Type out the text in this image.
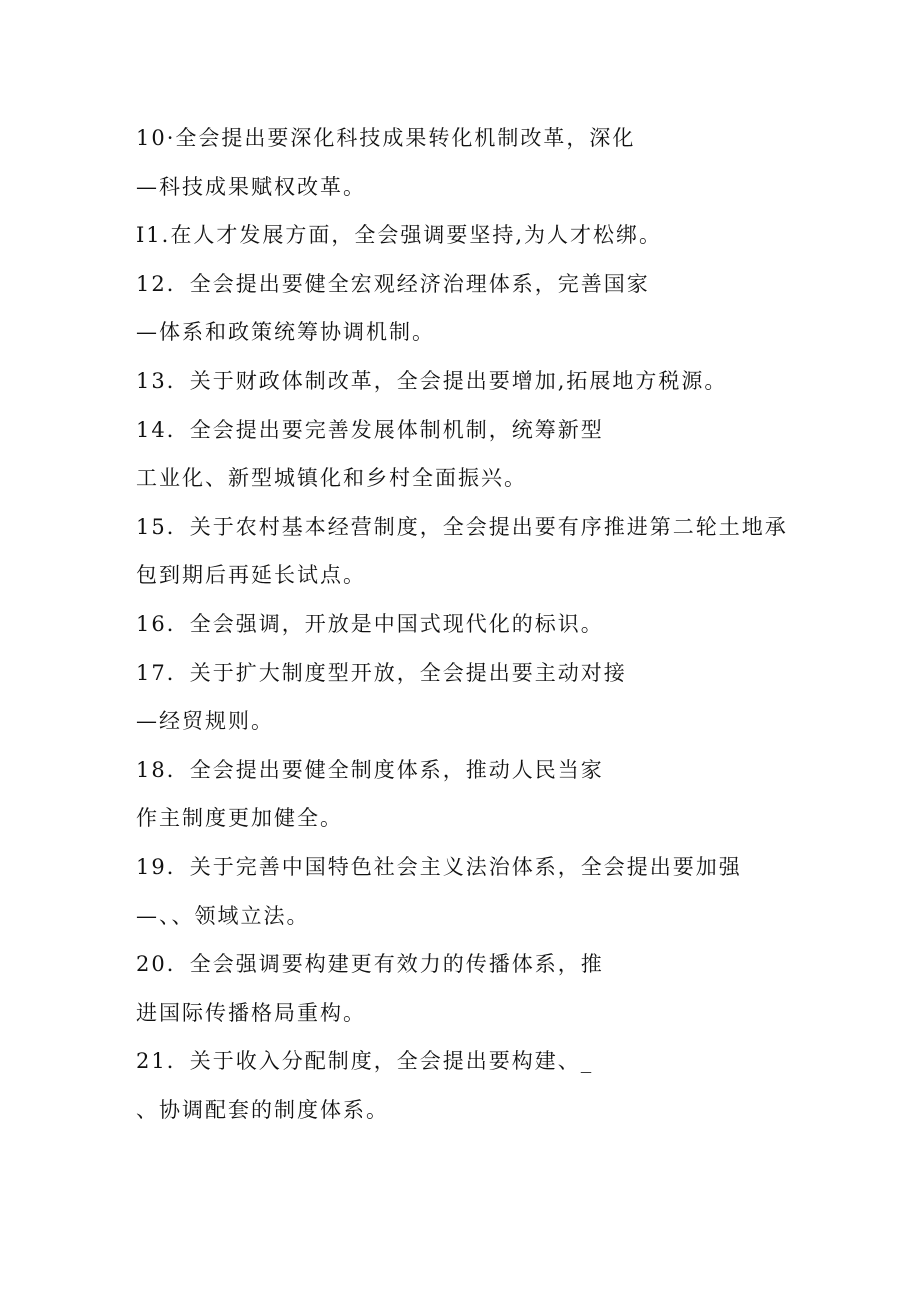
10·全会提出要深化科技成果转化机制改革，深化
—科技成果赋权改革。
I1.在人才发展方面，全会强调要坚持,为人才松绑。
12．全会提出要健全宏观经济治理体系，完善国家
—体系和政策统筹协调机制。
13．关于财政体制改革，全会提出要增加,拓展地方税源。
14．全会提出要完善发展体制机制，统筹新型
工业化、新型城镇化和乡村全面振兴。
15．关于农村基本经营制度，全会提出要有序推进第二轮土地承
包到期后再延长试点。
16．全会强调，开放是中国式现代化的标识。
17．关于扩大制度型开放，全会提出要主动对接
—经贸规则。
18．全会提出要健全制度体系，推动人民当家
作主制度更加健全。
19．关于完善中国特色社会主义法治体系，全会提出要加强
—、、领域立法。
20．全会强调要构建更有效力的传播体系，推
进国际传播格局重构。
21．关于收入分配制度，全会提出要构建、_
、协调配套的制度体系。
